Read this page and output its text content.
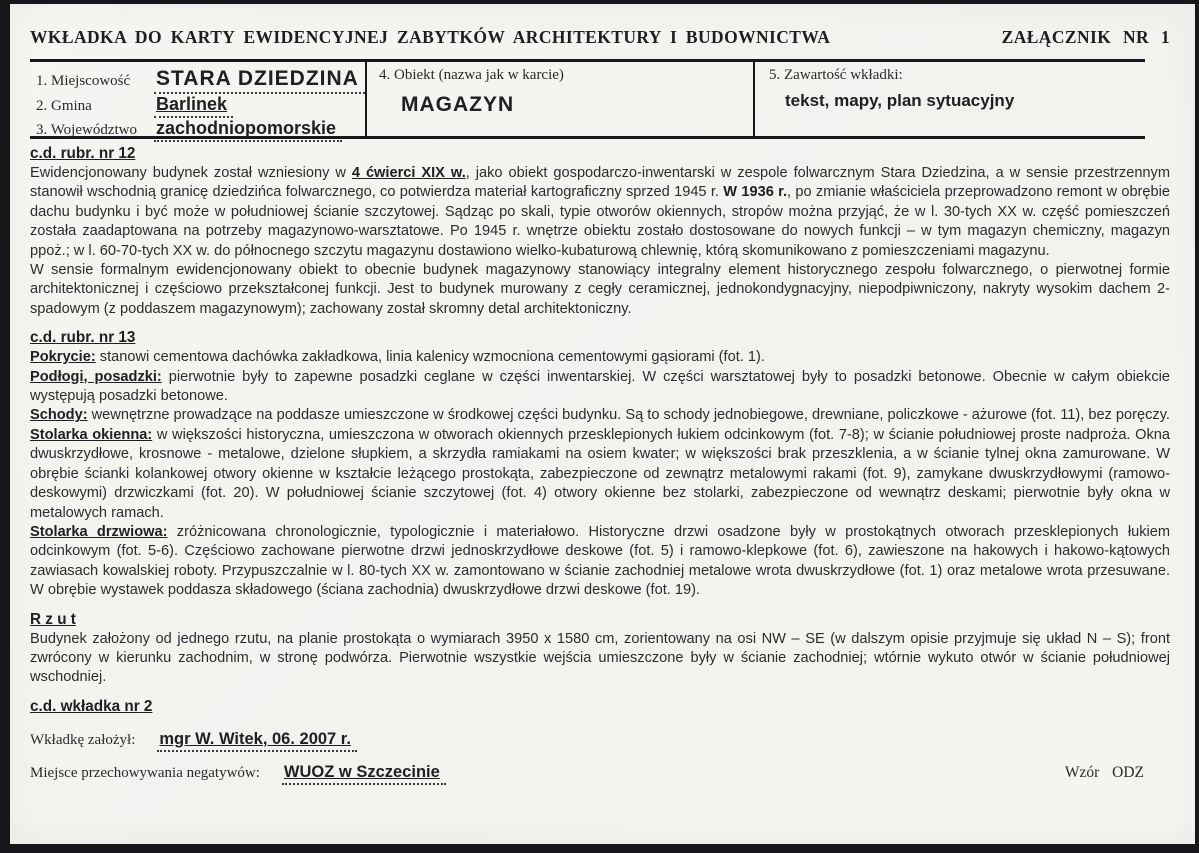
WKŁADKA DO KARTY EWIDENCYJNEJ ZABYTKÓW ARCHITEKTURY I BUDOWNICTWA	ZAŁĄCZNIK NR 1
1. Miejscowość	STARA DZIEDZINA
2. Gmina	Barlinek
3. Województwo	zachodniopomorskie
4. Obiekt (nazwa jak w karcie)
MAGAZYN
5. Zawartość wkładki:
tekst, mapy, plan sytuacyjny

c.d. rubr. nr 12

Ewidencjonowany budynek został wzniesiony w 4 ćwierci XIX w., jako obiekt gospodarczo-inwentarski w zespole folwarcznym Stara Dziedzina, a w sensie przestrzennym stanowił wschodnią granicę dziedzińca folwarcznego, co potwierdza materiał kartograficzny sprzed 1945 r. W 1936 r., po zmianie właściciela przeprowadzono remont w obrębie dachu budynku i być może w południowej ścianie szczytowej. Sądząc po skali, typie otworów okiennych, stropów można przyjąć, że w l. 30-tych XX w. część pomieszczeń została zaadaptowana na potrzeby magazynowo-warsztatowe. Po 1945 r. wnętrze obiektu zostało dostosowane do nowych funkcji – w tym magazyn chemiczny, magazyn ppoż.; w l. 60-70-tych XX w. do północnego szczytu magazynu dostawiono wielko-kubaturową chlewnię, którą skomunikowano z pomieszczeniami magazynu.

W sensie formalnym ewidencjonowany obiekt to obecnie budynek magazynowy stanowiący integralny element historycznego zespołu folwarcznego, o pierwotnej formie architektonicznej i częściowo przekształconej funkcji. Jest to budynek murowany z cegły ceramicznej, jednokondygnacyjny, niepodpiwniczony, nakryty wysokim dachem 2-spadowym (z poddaszem magazynowym); zachowany został skromny detal architektoniczny.

c.d. rubr. nr 13

Pokrycie: stanowi cementowa dachówka zakładkowa, linia kalenicy wzmocniona cementowymi gąsiorami (fot. 1).

Podłogi, posadzki: pierwotnie były to zapewne posadzki ceglane w części inwentarskiej. W części warsztatowej były to posadzki betonowe. Obecnie w całym obiekcie występują posadzki betonowe.

Schody: wewnętrzne prowadzące na poddasze umieszczone w środkowej części budynku. Są to schody jednobiegowe, drewniane, policzkowe - ażurowe (fot. 11), bez poręczy.

Stolarka okienna: w większości historyczna, umieszczona w otworach okiennych przesklepionych łukiem odcinkowym (fot. 7-8); w ścianie południowej proste nadproża. Okna dwuskrzydłowe, krosnowe - metalowe, dzielone słupkiem, a skrzydła ramiakami na osiem kwater; w większości brak przeszklenia, a w ścianie tylnej okna zamurowane. W obrębie ścianki kolankowej otwory okienne w kształcie leżącego prostokąta, zabezpieczone od zewnątrz metalowymi rakami (fot. 9), zamykane dwuskrzydłowymi (ramowo-deskowymi) drzwiczkami (fot. 20). W południowej ścianie szczytowej (fot. 4) otwory okienne bez stolarki, zabezpieczone od wewnątrz deskami; pierwotnie były okna w metalowych ramach.

Stolarka drzwiowa: zróżnicowana chronologicznie, typologicznie i materiałowo. Historyczne drzwi osadzone były w prostokątnych otworach przesklepionych łukiem odcinkowym (fot. 5-6). Częściowo zachowane pierwotne drzwi jednoskrzydłowe deskowe (fot. 5) i ramowo-klepkowe (fot. 6), zawieszone na hakowych i hakowo-kątowych zawiasach kowalskiej roboty. Przypuszczalnie w l. 80-tych XX w. zamontowano w ścianie zachodniej metalowe wrota dwuskrzydłowe (fot. 1) oraz metalowe wrota przesuwane. W obrębie wystawek poddasza składowego (ściana zachodnia) dwuskrzydłowe drzwi deskowe (fot. 19).

R z u t

Budynek założony od jednego rzutu, na planie prostokąta o wymiarach 3950 x 1580 cm, zorientowany na osi NW – SE (w dalszym opisie przyjmuje się układ N – S); front zwrócony w kierunku zachodnim, w stronę podwórza. Pierwotnie wszystkie wejścia umieszczone były w ścianie zachodniej; wtórnie wykuto otwór w ścianie południowej wschodniej.

c.d. wkładka nr 2

Wkładkę założył: mgr W. Witek, 06. 2007 r.
Miejsce przechowywania negatywów: WUOZ w Szczecinie	Wzór ODZ
